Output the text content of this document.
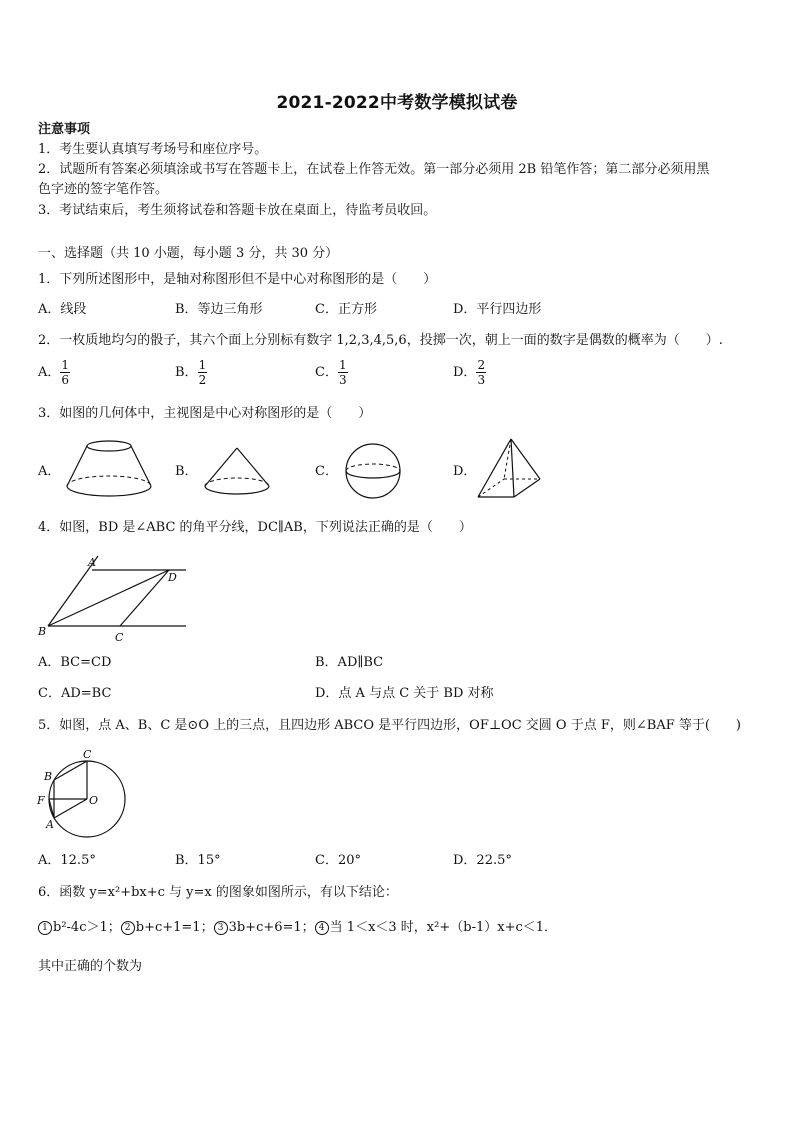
2021-2022中考数学模拟试卷
注意事项
1．考生要认真填写考场号和座位序号。
2．试题所有答案必须填涂或书写在答题卡上，在试卷上作答无效。第一部分必须用 2B 铅笔作答；第二部分必须用黑
色字迹的签字笔作答。
3．考试结束后，考生须将试卷和答题卡放在桌面上，待监考员收回。
一、选择题（共 10 小题，每小题 3 分，共 30 分）
1．下列所述图形中，是轴对称图形但不是中心对称图形的是（　　）
A．线段	B．等边三角形	C．正方形	D．平行四边形
2．一枚质地均匀的骰子，其六个面上分别标有数字 1,2,3,4,5,6，投掷一次，朝上一面的数字是偶数的概率为（　　）.
A． $\frac{1}{6}$	B． $\frac{1}{2}$	C． $\frac{1}{3}$	D． $\frac{2}{3}$
3．如图的几何体中，主视图是中心对称图形的是（　　）
A．	B．	C．	D．
4．如图，BD 是∠ABC 的角平分线，DC∥AB，下列说法正确的是（　　）
A
D
B	C
A．BC=CD	B．AD∥BC
C．AD=BC	D．点 A 与点 C 关于 BD 对称
5．如图，点 A、B、C 是⊙O 上的三点，且四边形 ABCO 是平行四边形，OF⊥OC 交圆 O 于点 F，则∠BAF 等于(　　)
C
B
F	O
A
A．12.5°	B．15°	C．20°	D．22.5°
6．函数 y=x²+bx+c 与 y=x 的图象如图所示，有以下结论：
1 b²-4c＞1； 2 b+c+1=1； 3 3b+c+6=1； 4 当 1＜x＜3 时，x²+（b-1）x+c＜1．
其中正确的个数为
